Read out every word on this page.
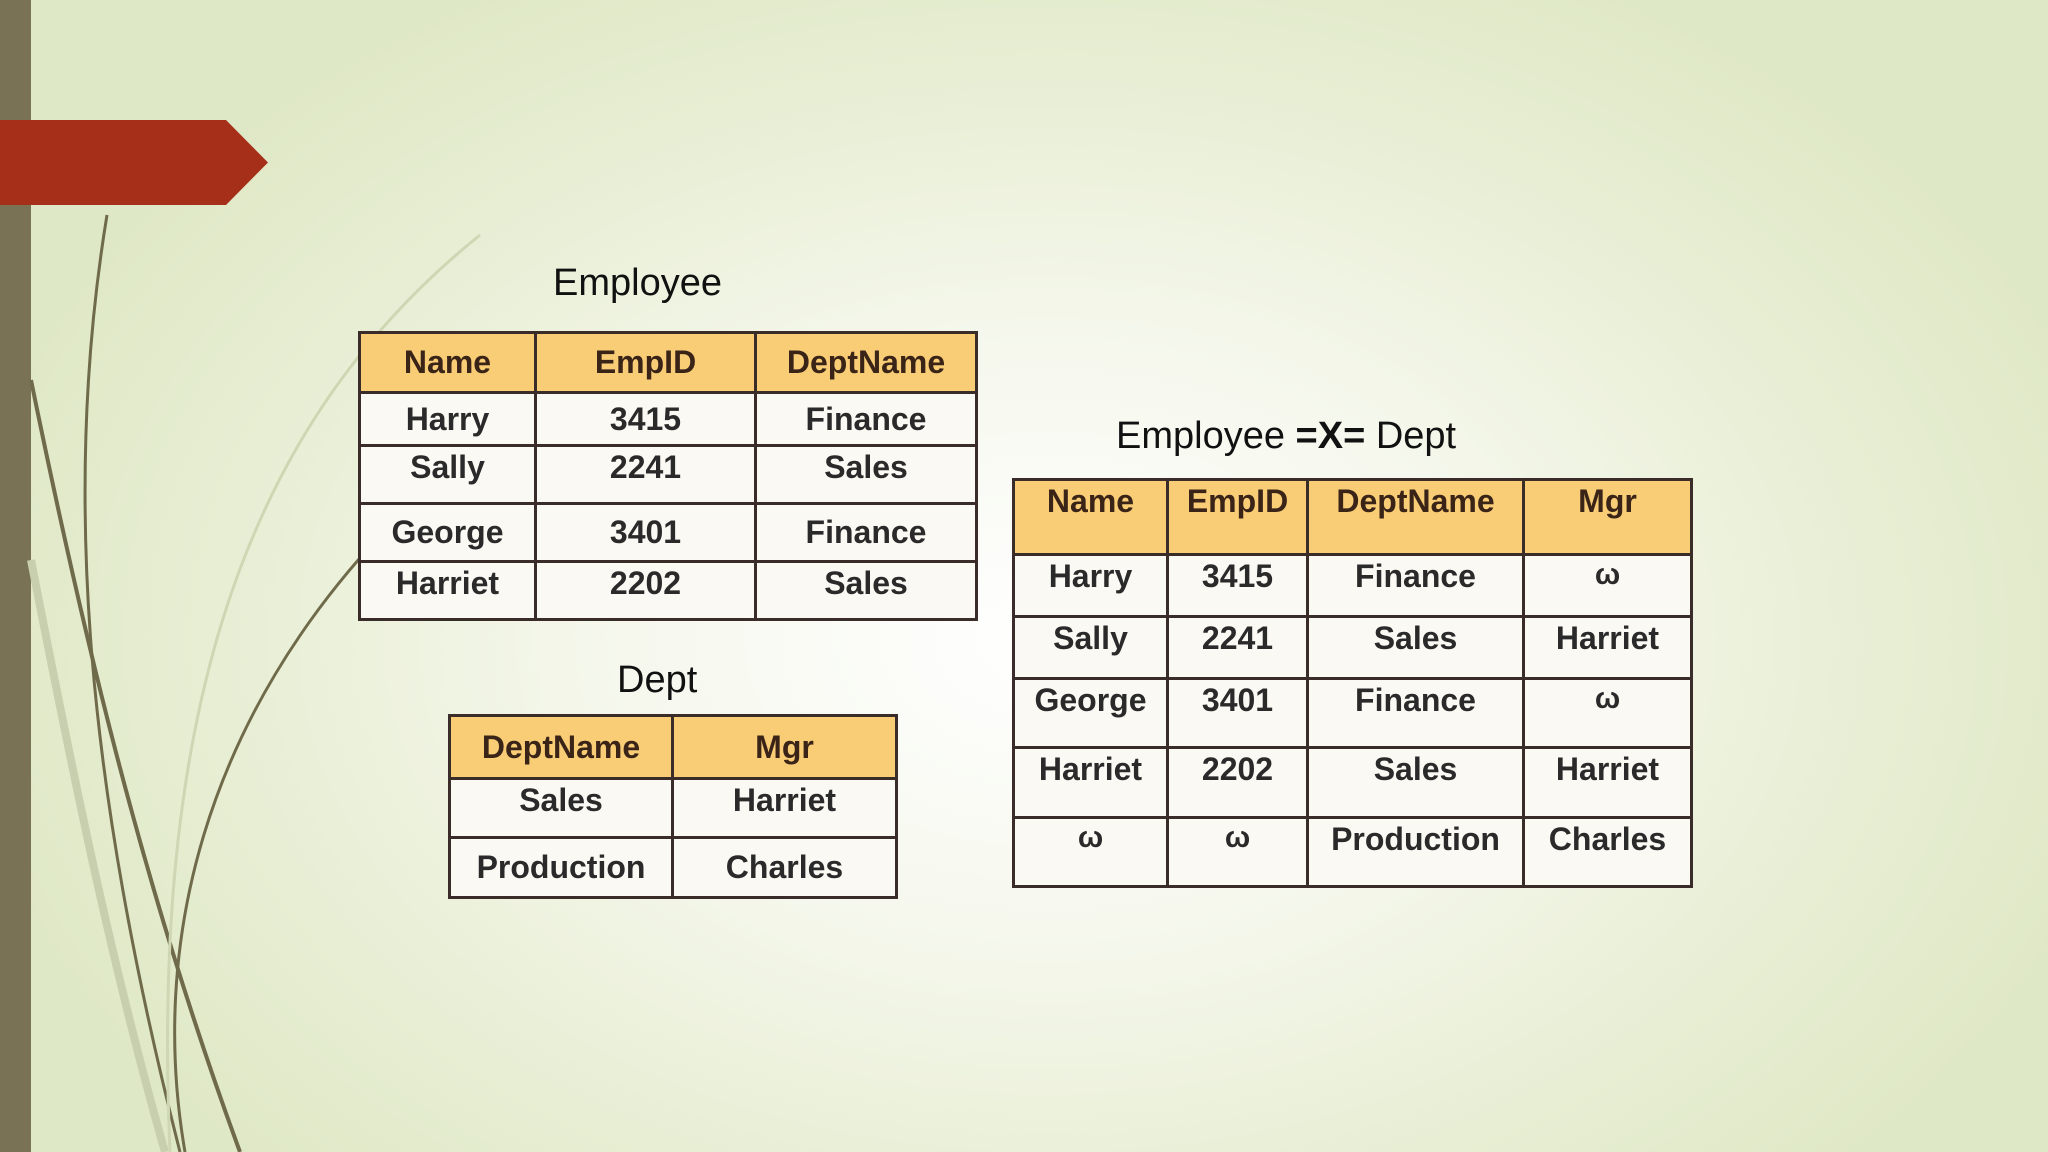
Employee
Name	EmpID	DeptName
Harry	3415	Finance
Sally	2241	Sales
George	3401	Finance
Harriet	2202	Sales
Dept
DeptName	Mgr
Sales	Harriet
Production	Charles
Employee =X= Dept
Name	EmpID	DeptName	Mgr
Harry	3415	Finance	ω
Sally	2241	Sales	Harriet
George	3401	Finance	ω
Harriet	2202	Sales	Harriet
ω	ω	Production	Charles
